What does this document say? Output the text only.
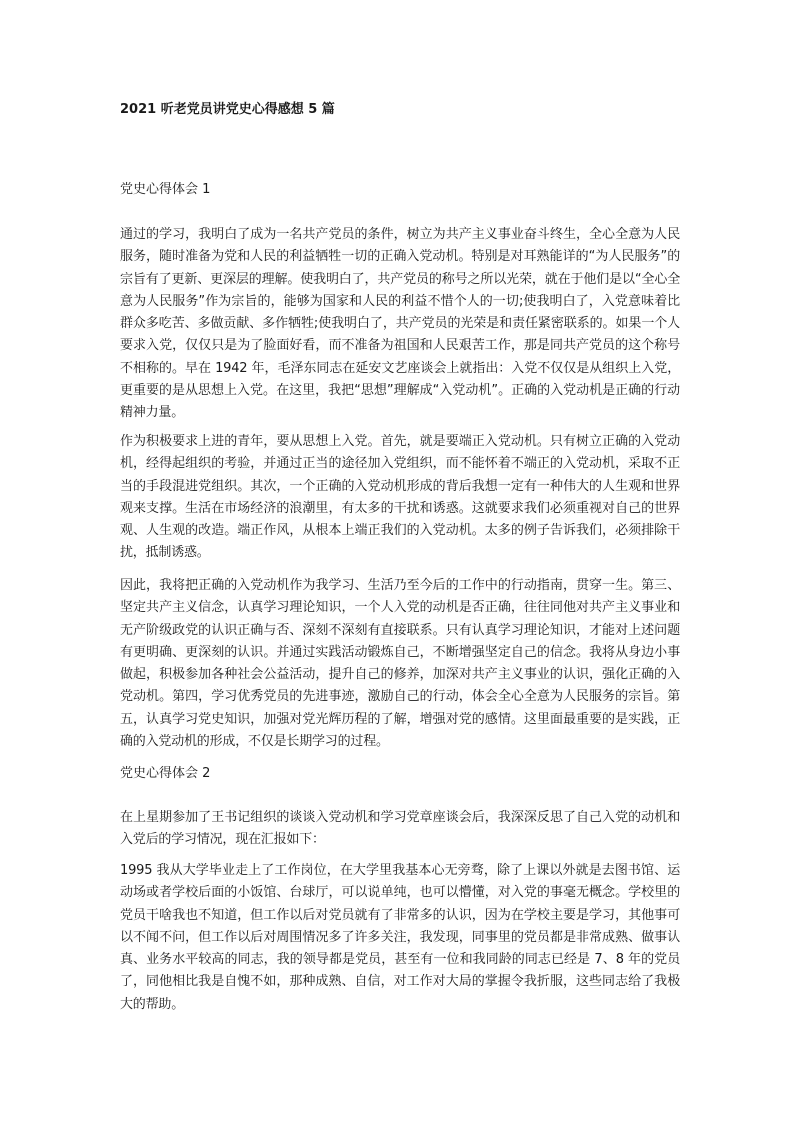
2021 听老党员讲党史心得感想 5 篇
党史心得体会 1

通过的学习，我明白了成为一名共产党员的条件，树立为共产主义事业奋斗终生，全心全意为人民服务，随时准备为党和人民的利益牺牲一切的正确入党动机。特别是对耳熟能详的“为人民服务”的宗旨有了更新、更深层的理解。使我明白了，共产党员的称号之所以光荣，就在于他们是以“全心全意为人民服务”作为宗旨的，能够为国家和人民的利益不惜个人的一切;使我明白了，入党意味着比群众多吃苦、多做贡献、多作牺牲;使我明白了，共产党员的光荣是和责任紧密联系的。如果一个人要求入党，仅仅只是为了脸面好看，而不准备为祖国和人民艰苦工作，那是同共产党员的这个称号不相称的。早在 1942 年，毛泽东同志在延安文艺座谈会上就指出：入党不仅仅是从组织上入党，更重要的是从思想上入党。在这里，我把“思想”理解成“入党动机”。正确的入党动机是正确的行动精神力量。

作为积极要求上进的青年，要从思想上入党。首先，就是要端正入党动机。只有树立正确的入党动机，经得起组织的考验，并通过正当的途径加入党组织，而不能怀着不端正的入党动机，采取不正当的手段混进党组织。其次，一个正确的入党动机形成的背后我想一定有一种伟大的人生观和世界观来支撑。生活在市场经济的浪潮里，有太多的干扰和诱惑。这就要求我们必须重视对自己的世界观、人生观的改造。端正作风，从根本上端正我们的入党动机。太多的例子告诉我们，必须排除干扰，抵制诱惑。

因此，我将把正确的入党动机作为我学习、生活乃至今后的工作中的行动指南，贯穿一生。第三、坚定共产主义信念，认真学习理论知识，一个人入党的动机是否正确，往往同他对共产主义事业和无产阶级政党的认识正确与否、深刻不深刻有直接联系。只有认真学习理论知识，才能对上述问题有更明确、更深刻的认识。并通过实践活动锻炼自己，不断增强坚定自己的信念。我将从身边小事做起，积极参加各种社会公益活动，提升自己的修养，加深对共产主义事业的认识，强化正确的入党动机。第四，学习优秀党员的先进事迹，激励自己的行动，体会全心全意为人民服务的宗旨。第五，认真学习党史知识，加强对党光辉历程的了解，增强对党的感情。这里面最重要的是实践，正确的入党动机的形成，不仅是长期学习的过程。

党史心得体会 2

在上星期参加了王书记组织的谈谈入党动机和学习党章座谈会后，我深深反思了自己入党的动机和入党后的学习情况，现在汇报如下：

1995 我从大学毕业走上了工作岗位，在大学里我基本心无旁骛，除了上课以外就是去图书馆、运动场或者学校后面的小饭馆、台球厅，可以说单纯，也可以懵懂，对入党的事毫无概念。学校里的党员干啥我也不知道，但工作以后对党员就有了非常多的认识，因为在学校主要是学习，其他事可以不闻不问，但工作以后对周围情况多了许多关注，我发现，同事里的党员都是非常成熟、做事认真、业务水平较高的同志，我的领导都是党员，甚至有一位和我同龄的同志已经是 7、8 年的党员了，同他相比我是自愧不如，那种成熟、自信，对工作对大局的掌握令我折服，这些同志给了我极大的帮助。
